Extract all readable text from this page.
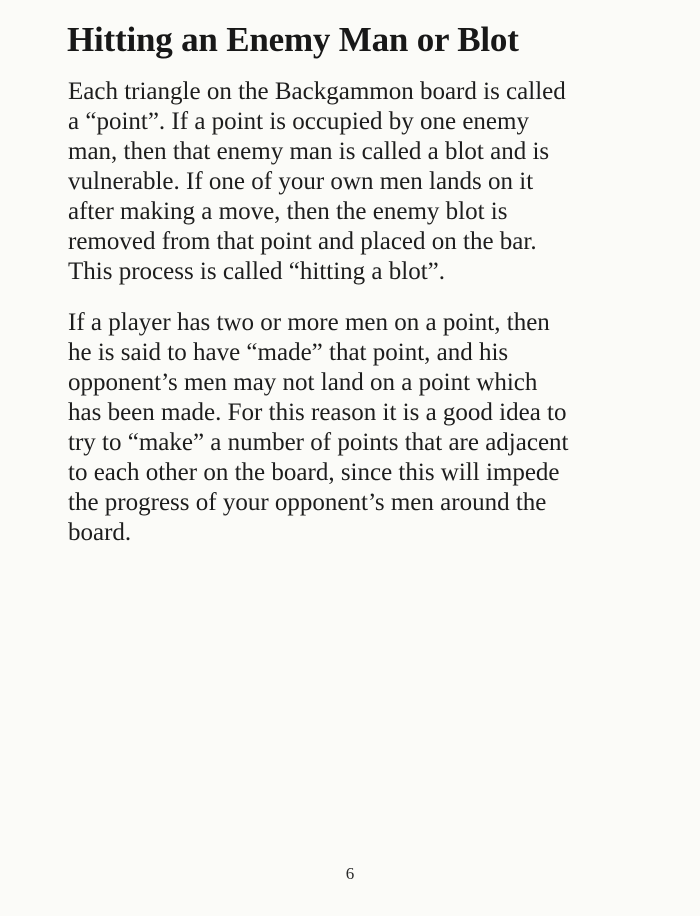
Hitting an Enemy Man or Blot

Each triangle on the Backgammon board is called
a “point”. If a point is occupied by one enemy
man, then that enemy man is called a blot and is
vulnerable. If one of your own men lands on it
after making a move, then the enemy blot is
removed from that point and placed on the bar.
This process is called “hitting a blot”.

If a player has two or more men on a point, then
he is said to have “made” that point, and his
opponent’s men may not land on a point which
has been made. For this reason it is a good idea to
try to “make” a number of points that are adjacent
to each other on the board, since this will impede
the progress of your opponent’s men around the
board.

6
